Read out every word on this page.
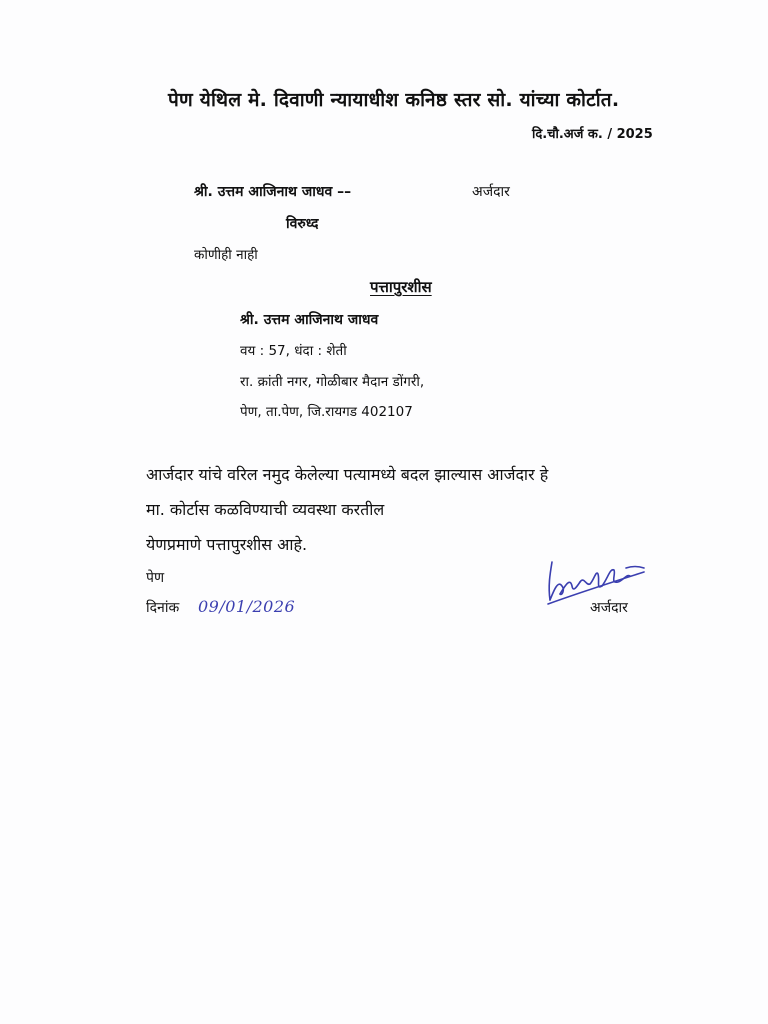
पेण येथिल मे. दिवाणी न्यायाधीश कनिष्ठ स्तर सो. यांच्या कोर्टात.
दि.चौ.अर्ज क. / 2025
श्री. उत्तम आजिनाथ जाधव ––	अर्जदार
विरुध्द
कोणीही नाही
पत्तापुरशीस
श्री. उत्तम आजिनाथ जाधव
वय : 57, धंदा : शेती
रा. क्रांती नगर, गोळीबार मैदान डोंगरी,
पेण, ता.पेण, जि.रायगड 402107
आर्जदार यांचे वरिल नमुद केलेल्या पत्यामध्ये बदल झाल्यास आर्जदार हे
मा. कोर्टास कळविण्याची व्यवस्था करतील
येणप्रमाणे पत्तापुरशीस आहे.
पेण
दिनांक 09/01/2026	अर्जदार
